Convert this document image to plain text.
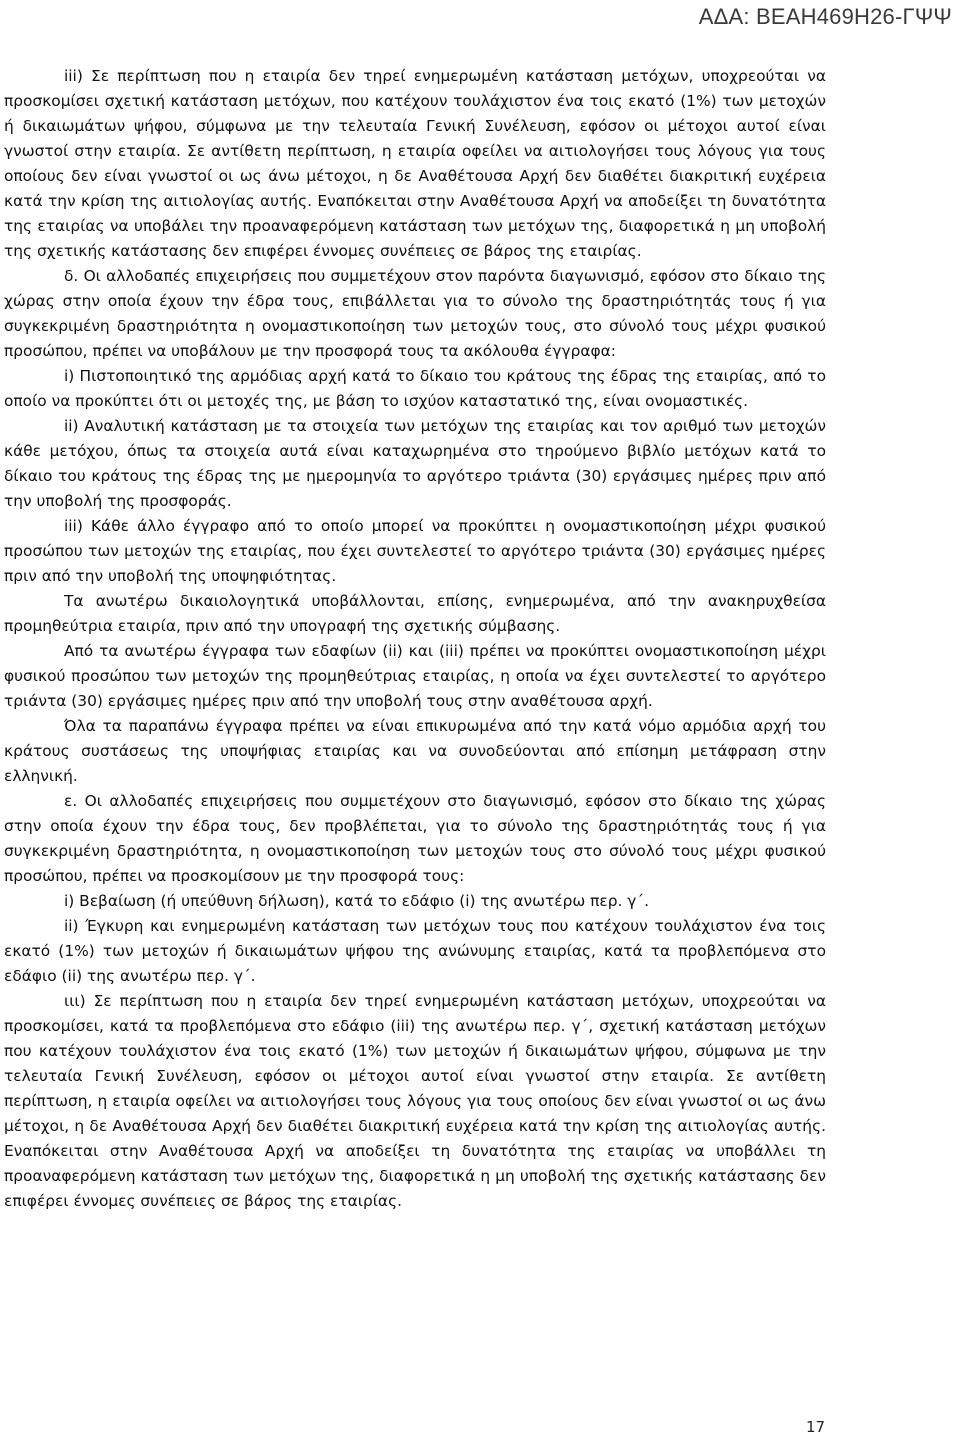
ΑΔΑ: ΒΕΑΗ469Η26-ΓΨΨ

iii) Σε περίπτωση που η εταιρία δεν τηρεί ενημερωμένη κατάσταση μετόχων, υποχρεούται να προσκομίσει σχετική κατάσταση μετόχων, που κατέχουν τουλάχιστον ένα τοις εκατό (1%) των μετοχών ή δικαιωμάτων ψήφου, σύμφωνα με την τελευταία Γενική Συνέλευση, εφόσον οι μέτοχοι αυτοί είναι γνωστοί στην εταιρία. Σε αντίθετη περίπτωση, η εταιρία οφείλει να αιτιολογήσει τους λόγους για τους οποίους δεν είναι γνωστοί οι ως άνω μέτοχοι, η δε Αναθέτουσα Αρχή δεν διαθέτει διακριτική ευχέρεια κατά την κρίση της αιτιολογίας αυτής. Εναπόκειται στην Αναθέτουσα Αρχή να αποδείξει τη δυνατότητα της εταιρίας να υποβάλει την προαναφερόμενη κατάσταση των μετόχων της, διαφορετικά η μη υποβολή της σχετικής κατάστασης δεν επιφέρει έννομες συνέπειες σε βάρος της εταιρίας.

δ. Οι αλλοδαπές επιχειρήσεις που συμμετέχουν στον παρόντα διαγωνισμό, εφόσον στο δίκαιο της χώρας στην οποία έχουν την έδρα τους, επιβάλλεται για το σύνολο της δραστηριότητάς τους ή για συγκεκριμένη δραστηριότητα η ονομαστικοποίηση των μετοχών τους, στο σύνολό τους μέχρι φυσικού προσώπου, πρέπει να υποβάλουν με την προσφορά τους τα ακόλουθα έγγραφα:

i) Πιστοποιητικό της αρμόδιας αρχή κατά το δίκαιο του κράτους της έδρας της εταιρίας, από το οποίο να προκύπτει ότι οι μετοχές της, με βάση το ισχύον καταστατικό της, είναι ονομαστικές.

ii) Αναλυτική κατάσταση με τα στοιχεία των μετόχων της εταιρίας και τον αριθμό των μετοχών κάθε μετόχου, όπως τα στοιχεία αυτά είναι καταχωρημένα στο τηρούμενο βιβλίο μετόχων κατά το δίκαιο του κράτους της έδρας της με ημερομηνία το αργότερο τριάντα (30) εργάσιμες ημέρες πριν από την υποβολή της προσφοράς.

iii) Κάθε άλλο έγγραφο από το οποίο μπορεί να προκύπτει η ονομαστικοποίηση μέχρι φυσικού προσώπου των μετοχών της εταιρίας, που έχει συντελεστεί το αργότερο τριάντα (30) εργάσιμες ημέρες πριν από την υποβολή της υποψηφιότητας.

Τα ανωτέρω δικαιολογητικά υποβάλλονται, επίσης, ενημερωμένα, από την ανακηρυχθείσα προμηθεύτρια εταιρία, πριν από την υπογραφή της σχετικής σύμβασης.

Από τα ανωτέρω έγγραφα των εδαφίων (ii) και (iii) πρέπει να προκύπτει ονομαστικοποίηση μέχρι φυσικού προσώπου των μετοχών της προμηθεύτριας εταιρίας, η οποία να έχει συντελεστεί το αργότερο τριάντα (30) εργάσιμες ημέρες πριν από την υποβολή τους στην αναθέτουσα αρχή.

Όλα τα παραπάνω έγγραφα πρέπει να είναι επικυρωμένα από την κατά νόμο αρμόδια αρχή του κράτους συστάσεως της υποψήφιας εταιρίας και να συνοδεύονται από επίσημη μετάφραση στην ελληνική.

ε. Οι αλλοδαπές επιχειρήσεις που συμμετέχουν στο διαγωνισμό, εφόσον στο δίκαιο της χώρας στην οποία έχουν την έδρα τους, δεν προβλέπεται, για το σύνολο της δραστηριότητάς τους ή για συγκεκριμένη δραστηριότητα, η ονομαστικοποίηση των μετοχών τους στο σύνολό τους μέχρι φυσικού προσώπου, πρέπει να προσκομίσουν με την προσφορά τους:

i) Βεβαίωση (ή υπεύθυνη δήλωση), κατά το εδάφιο (i) της ανωτέρω περ. γ΄.

ii) Έγκυρη και ενημερωμένη κατάσταση των μετόχων τους που κατέχουν τουλάχιστον ένα τοις εκατό (1%) των μετοχών ή δικαιωμάτων ψήφου της ανώνυμης εταιρίας, κατά τα προβλεπόμενα στο εδάφιο (ii) της ανωτέρω περ. γ΄.

ιιι) Σε περίπτωση που η εταιρία δεν τηρεί ενημερωμένη κατάσταση μετόχων, υποχρεούται να προσκομίσει, κατά τα προβλεπόμενα στο εδάφιο (iii) της ανωτέρω περ. γ΄, σχετική κατάσταση μετόχων που κατέχουν τουλάχιστον ένα τοις εκατό (1%) των μετοχών ή δικαιωμάτων ψήφου, σύμφωνα με την τελευταία Γενική Συνέλευση, εφόσον οι μέτοχοι αυτοί είναι γνωστοί στην εταιρία. Σε αντίθετη περίπτωση, η εταιρία οφείλει να αιτιολογήσει τους λόγους για τους οποίους δεν είναι γνωστοί οι ως άνω μέτοχοι, η δε Αναθέτουσα Αρχή δεν διαθέτει διακριτική ευχέρεια κατά την κρίση της αιτιολογίας αυτής. Εναπόκειται στην Αναθέτουσα Αρχή να αποδείξει τη δυνατότητα της εταιρίας να υποβάλλει τη προαναφερόμενη κατάσταση των μετόχων της, διαφορετικά η μη υποβολή της σχετικής κατάστασης δεν επιφέρει έννομες συνέπειες σε βάρος της εταιρίας.

17
